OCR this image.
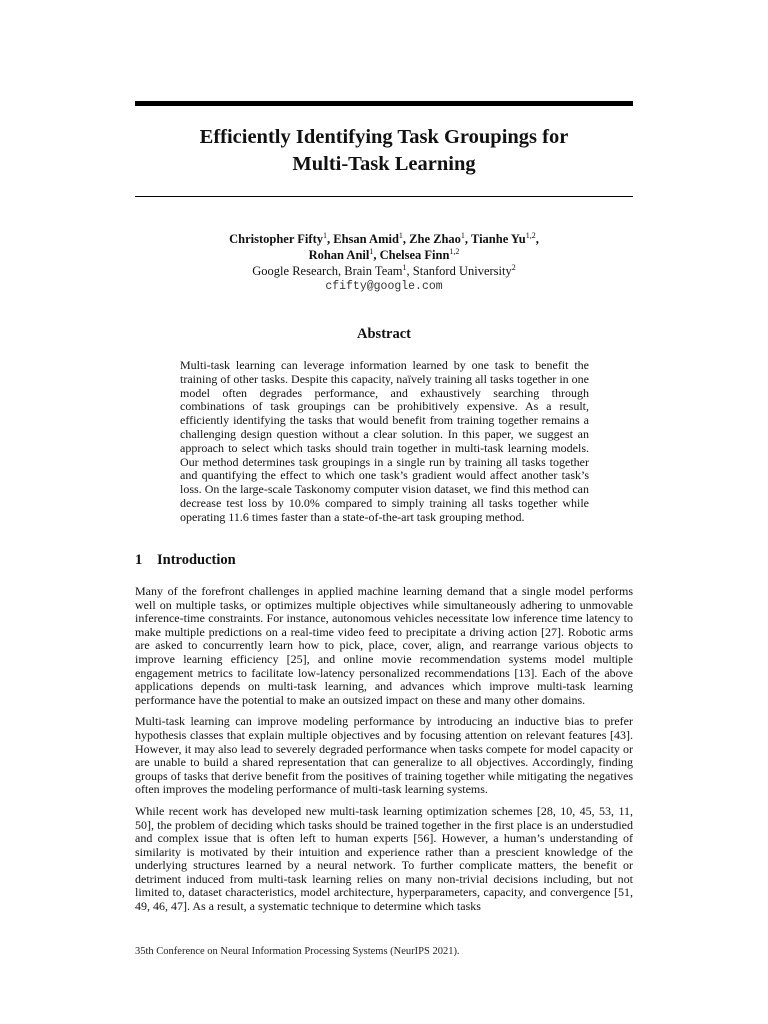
Efficiently Identifying Task Groupings for
Multi-Task Learning
Christopher Fifty$^1$, Ehsan Amid$^1$, Zhe Zhao$^1$, Tianhe Yu$^{1,2}$,
Rohan Anil$^1$, Chelsea Finn$^{1,2}$
Google Research, Brain Team$^1$, Stanford University$^2$
cfifty@google.com
Abstract

Multi-task learning can leverage information learned by one task to benefit the training of other tasks. Despite this capacity, naïvely training all tasks together in one model often degrades performance, and exhaustively searching through combinations of task groupings can be prohibitively expensive. As a result, efficiently identifying the tasks that would benefit from training together remains a challenging design question without a clear solution. In this paper, we suggest an approach to select which tasks should train together in multi-task learning models. Our method determines task groupings in a single run by training all tasks together and quantifying the effect to which one task’s gradient would affect another task’s loss. On the large-scale Taskonomy computer vision dataset, we find this method can decrease test loss by 10.0% compared to simply training all tasks together while operating 11.6 times faster than a state-of-the-art task grouping method.

1 Introduction

Many of the forefront challenges in applied machine learning demand that a single model performs well on multiple tasks, or optimizes multiple objectives while simultaneously adhering to unmovable inference-time constraints. For instance, autonomous vehicles necessitate low inference time latency to make multiple predictions on a real-time video feed to precipitate a driving action [27]. Robotic arms are asked to concurrently learn how to pick, place, cover, align, and rearrange various objects to improve learning efficiency [25], and online movie recommendation systems model multiple engagement metrics to facilitate low-latency personalized recommendations [13]. Each of the above applications depends on multi-task learning, and advances which improve multi-task learning performance have the potential to make an outsized impact on these and many other domains.

Multi-task learning can improve modeling performance by introducing an inductive bias to prefer hypothesis classes that explain multiple objectives and by focusing attention on relevant features [43]. However, it may also lead to severely degraded performance when tasks compete for model capacity or are unable to build a shared representation that can generalize to all objectives. Accordingly, finding groups of tasks that derive benefit from the positives of training together while mitigating the negatives often improves the modeling performance of multi-task learning systems.

While recent work has developed new multi-task learning optimization schemes [28, 10, 45, 53, 11, 50], the problem of deciding which tasks should be trained together in the first place is an understudied and complex issue that is often left to human experts [56]. However, a human’s understanding of similarity is motivated by their intuition and experience rather than a prescient knowledge of the underlying structures learned by a neural network. To further complicate matters, the benefit or detriment induced from multi-task learning relies on many non-trivial decisions including, but not limited to, dataset characteristics, model architecture, hyperparameters, capacity, and convergence [51, 49, 46, 47]. As a result, a systematic technique to determine which tasks

35th Conference on Neural Information Processing Systems (NeurIPS 2021).
